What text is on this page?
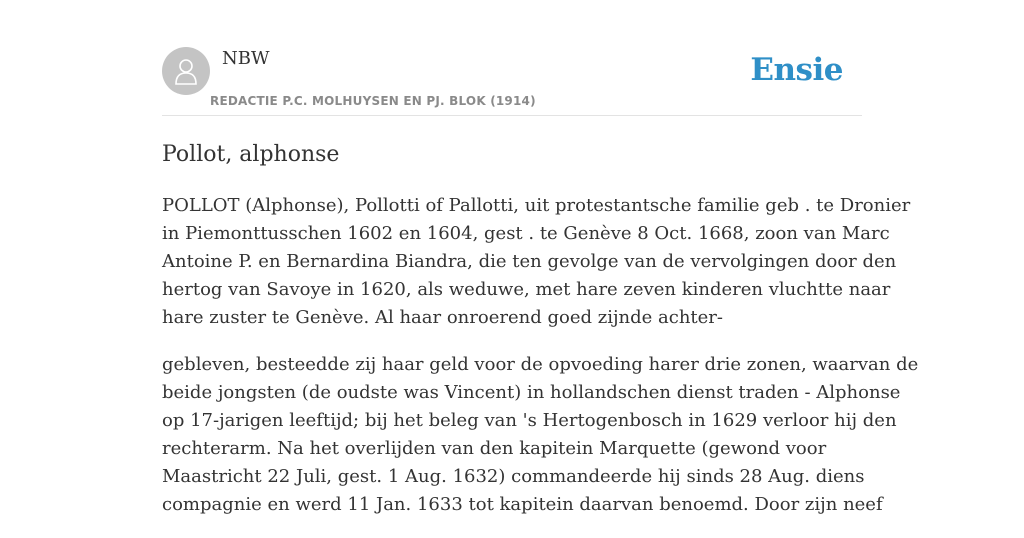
NBW
REDACTIE P.C. MOLHUYSEN EN PJ. BLOK (1914)
Ensie
Pollot, alphonse

POLLOT (Alphonse), Pollotti of Pallotti, uit protestantsche familie geb . te Dronier
in Piemonttusschen 1602 en 1604, gest . te Genève 8 Oct. 1668, zoon van Marc
Antoine P. en Bernardina Biandra, die ten gevolge van de vervolgingen door den
hertog van Savoye in 1620, als weduwe, met hare zeven kinderen vluchtte naar
hare zuster te Genève. Al haar onroerend goed zijnde achter-

gebleven, besteedde zij haar geld voor de opvoeding harer drie zonen, waarvan de
beide jongsten (de oudste was Vincent) in hollandschen dienst traden - Alphonse
op 17-jarigen leeftijd; bij het beleg van 's Hertogenbosch in 1629 verloor hij den
rechterarm. Na het overlijden van den kapitein Marquette (gewond voor
Maastricht 22 Juli, gest. 1 Aug. 1632) commandeerde hij sinds 28 Aug. diens
compagnie en werd 11 Jan. 1633 tot kapitein daarvan benoemd. Door zijn neef
